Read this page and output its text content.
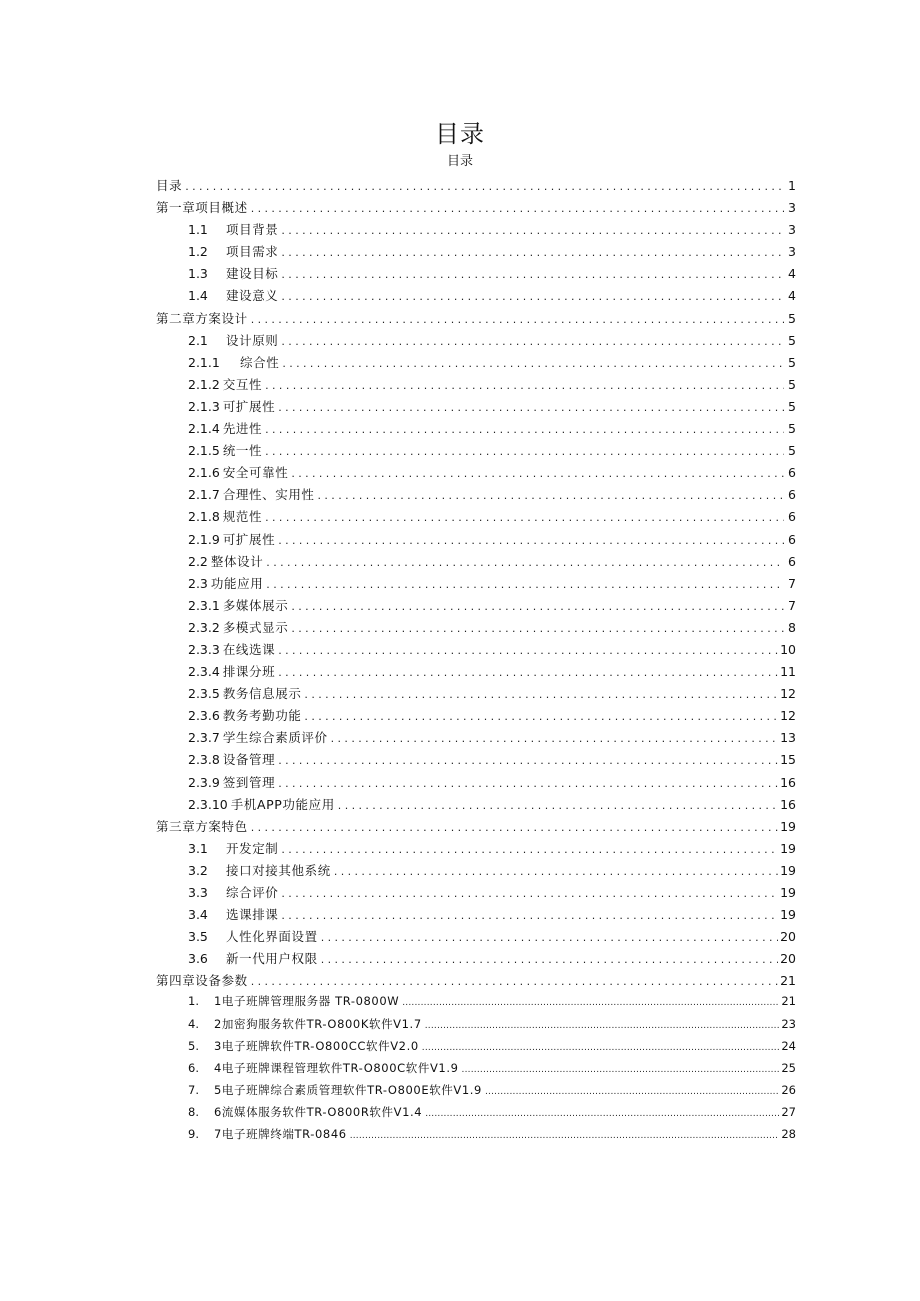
目录
目录
目录 .....	1
第一章项目概述 .....	3
1.1	项目背景 .....	3
1.2	项目需求 .....	3
1.3	建设目标 .....	4
1.4	建设意义 .....	4
第二章方案设计 .....	5
2.1	设计原则 .....	5
2.1.1	综合性 .....	5
2.1.2 交互性 .....	5
2.1.3 可扩展性 .....	5
2.1.4 先进性 .....	5
2.1.5 统一性 .....	5
2.1.6 安全可靠性 .....	6
2.1.7 合理性、实用性 .....	6
2.1.8 规范性 .....	6
2.1.9 可扩展性 .....	6
2.2 整体设计 .....	6
2.3 功能应用 .....	7
2.3.1 多媒体展示 .....	7
2.3.2 多模式显示 .....	8
2.3.3 在线选课 .....	10
2.3.4 排课分班 .....	11
2.3.5 教务信息展示 .....	12
2.3.6 教务考勤功能 .....	12
2.3.7 学生综合素质评价 .....	13
2.3.8 设备管理 .....	15
2.3.9 签到管理 .....	16
2.3.10 手机APP功能应用 .....	16
第三章方案特色 .....	19
3.1	开发定制 .....	19
3.2	接口对接其他系统 .....	19
3.3	综合评价 .....	19
3.4	选课排课 .....	19
3.5	人性化界面设置 .....	20
3.6	新一代用户权限 .....	20
第四章设备参数 .....	21
1.	1电子班牌管理服务器 TR-0800W .....	21
4.	2加密狗服务软件TR-O800K软件V1.7 .....	23
5.	3电子班牌软件TR-O800CC软件V2.0 .....	24
6.	4电子班牌课程管理软件TR-O800C软件V1.9 .....	25
7.	5电子班牌综合素质管理软件TR-O800E软件V1.9 .....	26
8.	6流媒体服务软件TR-O800R软件V1.4 .....	27
9.	7电子班牌终端TR-0846 .....	28
